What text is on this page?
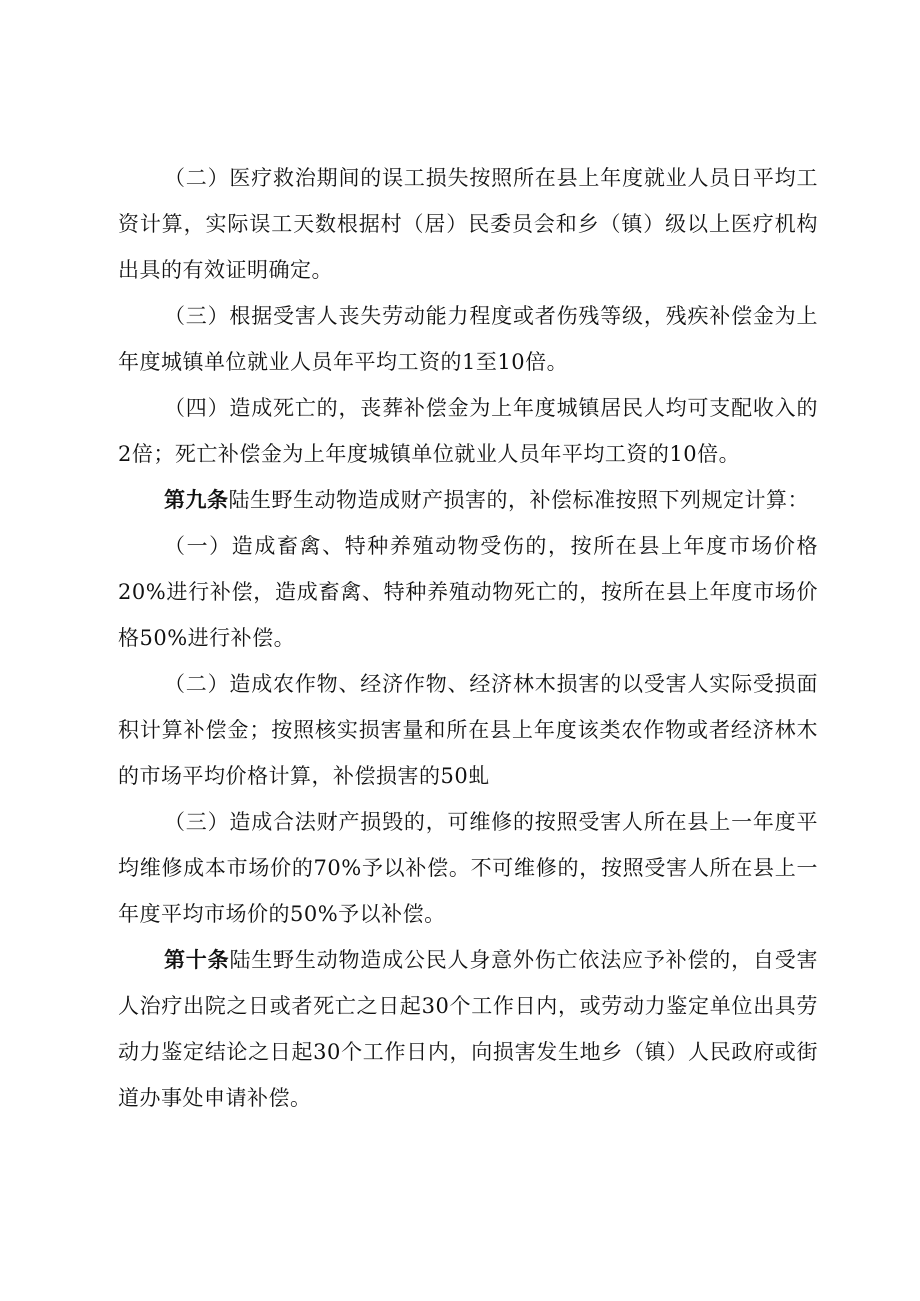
（二）医疗救治期间的误工损失按照所在县上年度就业人员日平均工资计算，实际误工天数根据村（居）民委员会和乡（镇）级以上医疗机构出具的有效证明确定。

（三）根据受害人丧失劳动能力程度或者伤残等级，残疾补偿金为上年度城镇单位就业人员年平均工资的1至10倍。

（四）造成死亡的，丧葬补偿金为上年度城镇居民人均可支配收入的2倍；死亡补偿金为上年度城镇单位就业人员年平均工资的10倍。

第九条陆生野生动物造成财产损害的，补偿标准按照下列规定计算：

（一）造成畜禽、特种养殖动物受伤的，按所在县上年度市场价格20%进行补偿，造成畜禽、特种养殖动物死亡的，按所在县上年度市场价格50%进行补偿。

（二）造成农作物、经济作物、经济林木损害的以受害人实际受损面积计算补偿金；按照核实损害量和所在县上年度该类农作物或者经济林木的市场平均价格计算，补偿损害的50虬

（三）造成合法财产损毁的，可维修的按照受害人所在县上一年度平均维修成本市场价的70%予以补偿。不可维修的，按照受害人所在县上一年度平均市场价的50%予以补偿。

第十条陆生野生动物造成公民人身意外伤亡依法应予补偿的，自受害人治疗出院之日或者死亡之日起30个工作日内，或劳动力鉴定单位出具劳动力鉴定结论之日起30个工作日内，向损害发生地乡（镇）人民政府或街道办事处申请补偿。
